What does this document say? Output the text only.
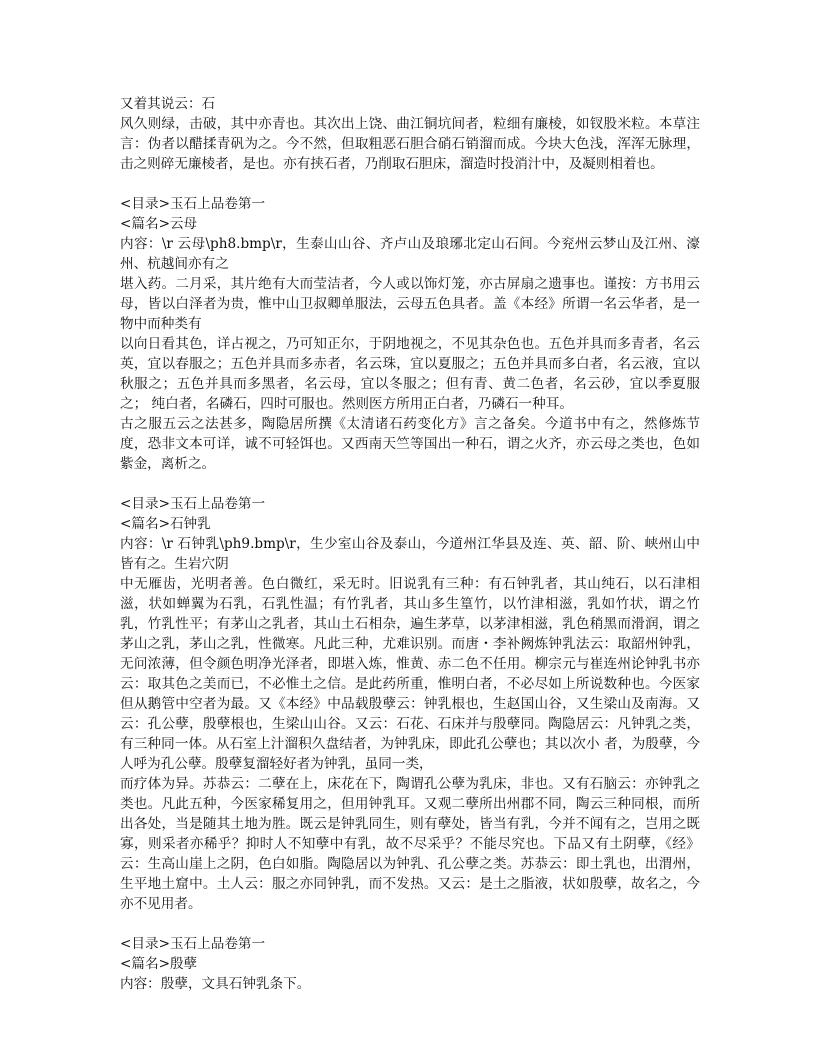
又着其说云：石

风久则绿，击破，其中亦青也。其次出上饶、曲江铜坑间者，粒细有廉棱，如钗股米粒。本草注言：伪者以醋揉青矾为之。今不然，但取粗恶石胆合硝石销溜而成。今块大色浅，浑浑无脉理，击之则碎无廉棱者，是也。亦有挟石者，乃削取石胆床，溜造时投消汁中，及凝则相着也。

<目录>玉石上品卷第一

<篇名>云母

内容：\r 云母\ph8.bmp\r，生泰山山谷、齐卢山及琅琊北定山石间。今兖州云梦山及江州、濠州、杭越间亦有之

堪入药。二月采，其片绝有大而莹洁者，今人或以饰灯笼，亦古屏扇之遗事也。谨按：方书用云母，皆以白泽者为贵，惟中山卫叔卿单服法，云母五色具者。盖《本经》所谓一名云华者，是一物中而种类有

以向日看其色，详占视之，乃可知正尔，于阴地视之，不见其杂色也。五色并具而多青者，名云英，宜以春服之；五色并具而多赤者，名云珠，宜以夏服之；五色并具而多白者，名云液，宜以秋服之；五色并具而多黑者，名云母，宜以冬服之；但有青、黄二色者，名云砂，宜以季夏服之； 纯白者，名磷石，四时可服也。然则医方所用正白者，乃磷石一种耳。

古之服五云之法甚多，陶隐居所撰《太清诸石药变化方》言之备矣。今道书中有之，然修炼节度，恐非文本可详，诚不可轻饵也。又西南天竺等国出一种石，谓之火齐，亦云母之类也，色如紫金，离析之。

<目录>玉石上品卷第一

<篇名>石钟乳

内容：\r 石钟乳\ph9.bmp\r，生少室山谷及泰山，今道州江华县及连、英、韶、阶、峡州山中皆有之。生岩穴阴

中无雁齿，光明者善。色白微红，采无时。旧说乳有三种：有石钟乳者，其山纯石，以石津相滋，状如蝉翼为石乳，石乳性温；有竹乳者，其山多生篁竹，以竹津相滋，乳如竹状，谓之竹乳，竹乳性平；有茅山之乳者，其山土石相杂，遍生茅草，以茅津相滋，乳色稍黑而滑润，谓之茅山之乳，茅山之乳，性微寒。凡此三种，尤难识别。而唐・李补阙炼钟乳法云：取韶州钟乳，无问浓薄，但令颜色明净光泽者，即堪入炼，惟黄、赤二色不任用。柳宗元与崔连州论钟乳书亦云：取其色之美而已，不必惟土之信。是此药所重，惟明白者，不必尽如上所说数种也。今医家但从鹅管中空者为最。又《本经》中品载殷孽云：钟乳根也，生赵国山谷，又生梁山及南海。又云：孔公孽，殷孽根也，生梁山山谷。又云：石花、石床并与殷孽同。陶隐居云：凡钟乳之类，有三种同一体。从石室上汁溜积久盘结者，为钟乳床，即此孔公孽也；其以次小 者，为殷孽，今人呼为孔公孽。殷孽复溜轻好者为钟乳，虽同一类，

而疗体为异。苏恭云：二孽在上，床花在下，陶谓孔公孽为乳床，非也。又有石脑云：亦钟乳之类也。凡此五种，今医家稀复用之，但用钟乳耳。又观二孽所出州郡不同，陶云三种同根，而所出各处，当是随其土地为胜。既云是钟乳同生，则有孽处，皆当有乳，今并不闻有之，岂用之既寡，则采者亦稀乎？抑时人不知孽中有乳，故不尽采乎？不能尽究也。下品又有土阴孽，《经》云：生高山崖上之阴，色白如脂。陶隐居以为钟乳、孔公孽之类。苏恭云：即土乳也，出渭州，生平地土窟中。土人云：服之亦同钟乳，而不发热。又云：是土之脂液，状如殷孽，故名之，今亦不见用者。

<目录>玉石上品卷第一

<篇名>殷孽

内容：殷孽，文具石钟乳条下。
